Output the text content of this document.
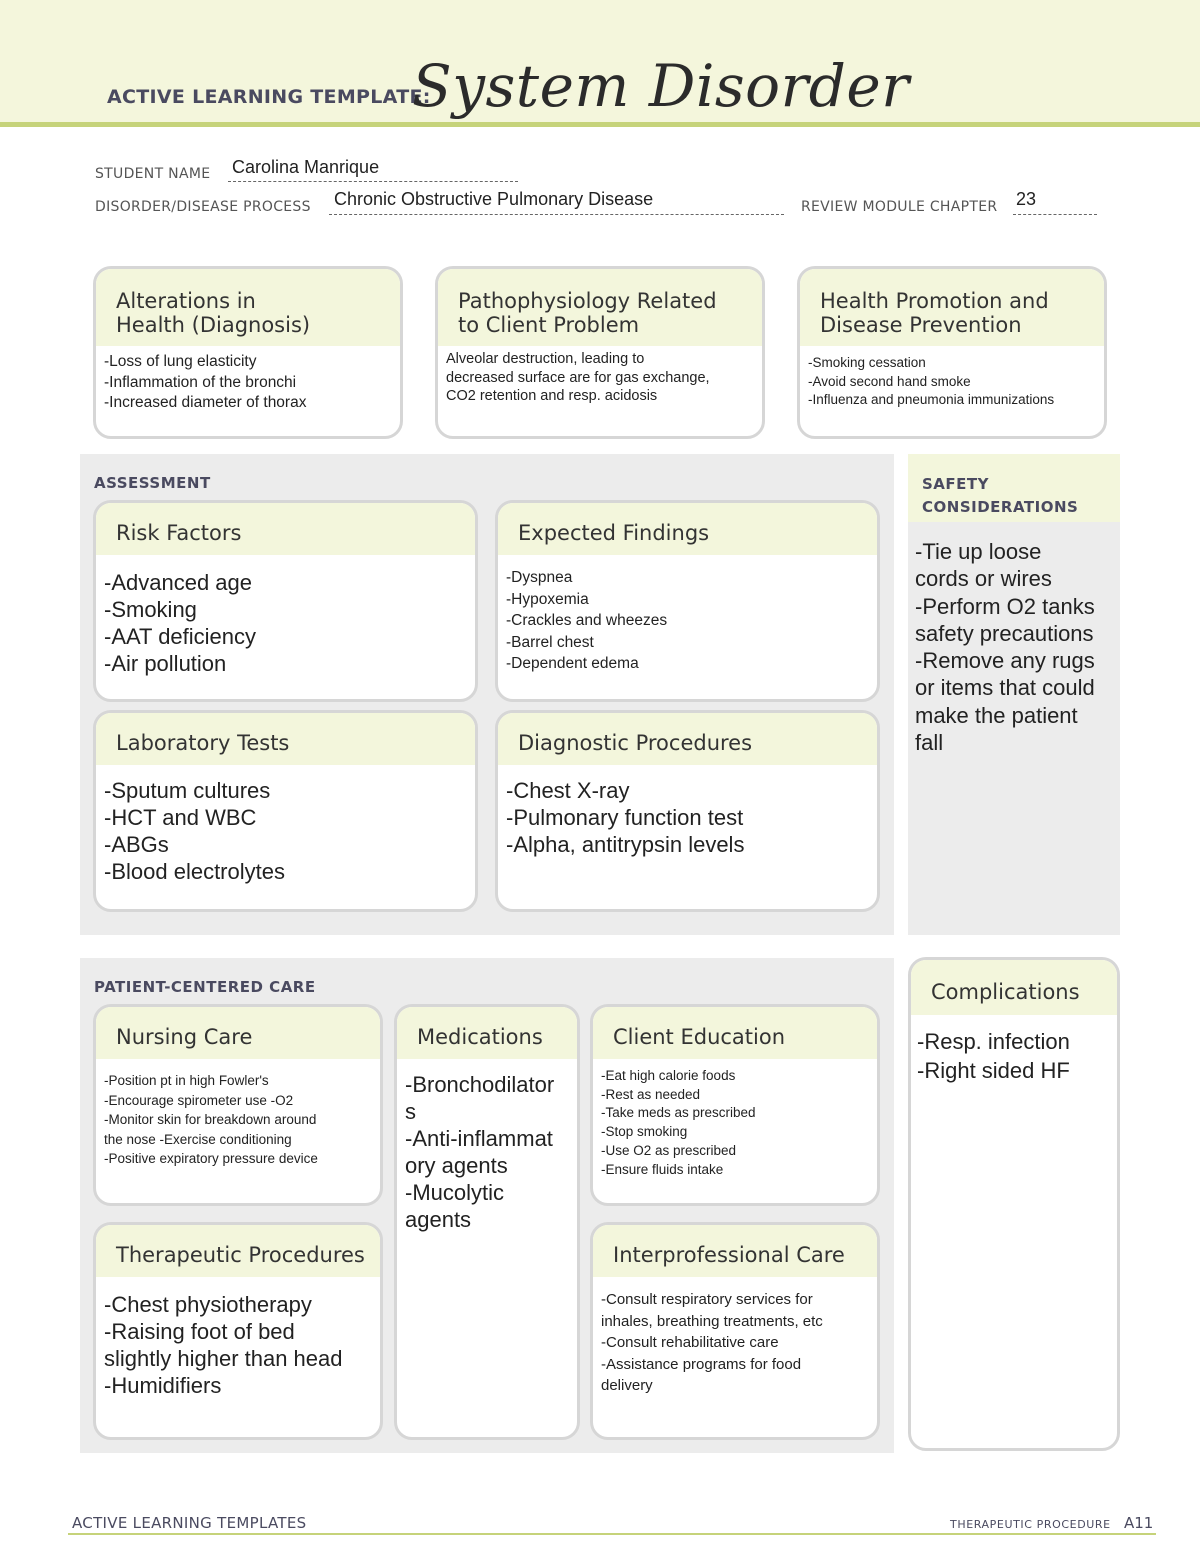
ACTIVE LEARNING TEMPLATE:
System Disorder
STUDENT NAME Carolina Manrique
DISORDER/DISEASE PROCESS Chronic Obstructive Pulmonary Disease	REVIEW MODULE CHAPTER 23
Alterations in
Health (Diagnosis)
-Loss of lung elasticity
-Inflammation of the bronchi
-Increased diameter of thorax
Pathophysiology Related
to Client Problem
Alveolar destruction, leading to
decreased surface are for gas exchange,
CO2 retention and resp. acidosis
Health Promotion and
Disease Prevention
-Smoking cessation
-Avoid second hand smoke
-Influenza and pneumonia immunizations
ASSESSMENT
Risk Factors
-Advanced age
-Smoking
-AAT deficiency
-Air pollution
Expected Findings
-Dyspnea
-Hypoxemia
-Crackles and wheezes
-Barrel chest
-Dependent edema
Laboratory Tests
-Sputum cultures
-HCT and WBC
-ABGs
-Blood electrolytes
Diagnostic Procedures
-Chest X-ray
-Pulmonary function test
-Alpha, antitrypsin levels
SAFETY
CONSIDERATIONS
-Tie up loose
cords or wires
-Perform O2 tanks
safety precautions
-Remove any rugs
or items that could
make the patient
fall
PATIENT-CENTERED CARE
Nursing Care
-Position pt in high Fowler's
-Encourage spirometer use -O2
-Monitor skin for breakdown around
the nose -Exercise conditioning
-Positive expiratory pressure device
Medications
-Bronchodilator
s
-Anti-inflammat
ory agents
-Mucolytic
agents
Client Education
-Eat high calorie foods
-Rest as needed
-Take meds as prescribed
-Stop smoking
-Use O2 as prescribed
-Ensure fluids intake
Therapeutic Procedures
-Chest physiotherapy
-Raising foot of bed
slightly higher than head
-Humidifiers
Interprofessional Care
-Consult respiratory services for
inhales, breathing treatments, etc
-Consult rehabilitative care
-Assistance programs for food
delivery
Complications
-Resp. infection
-Right sided HF
ACTIVE LEARNING TEMPLATES	THERAPEUTIC PROCEDURE A11
